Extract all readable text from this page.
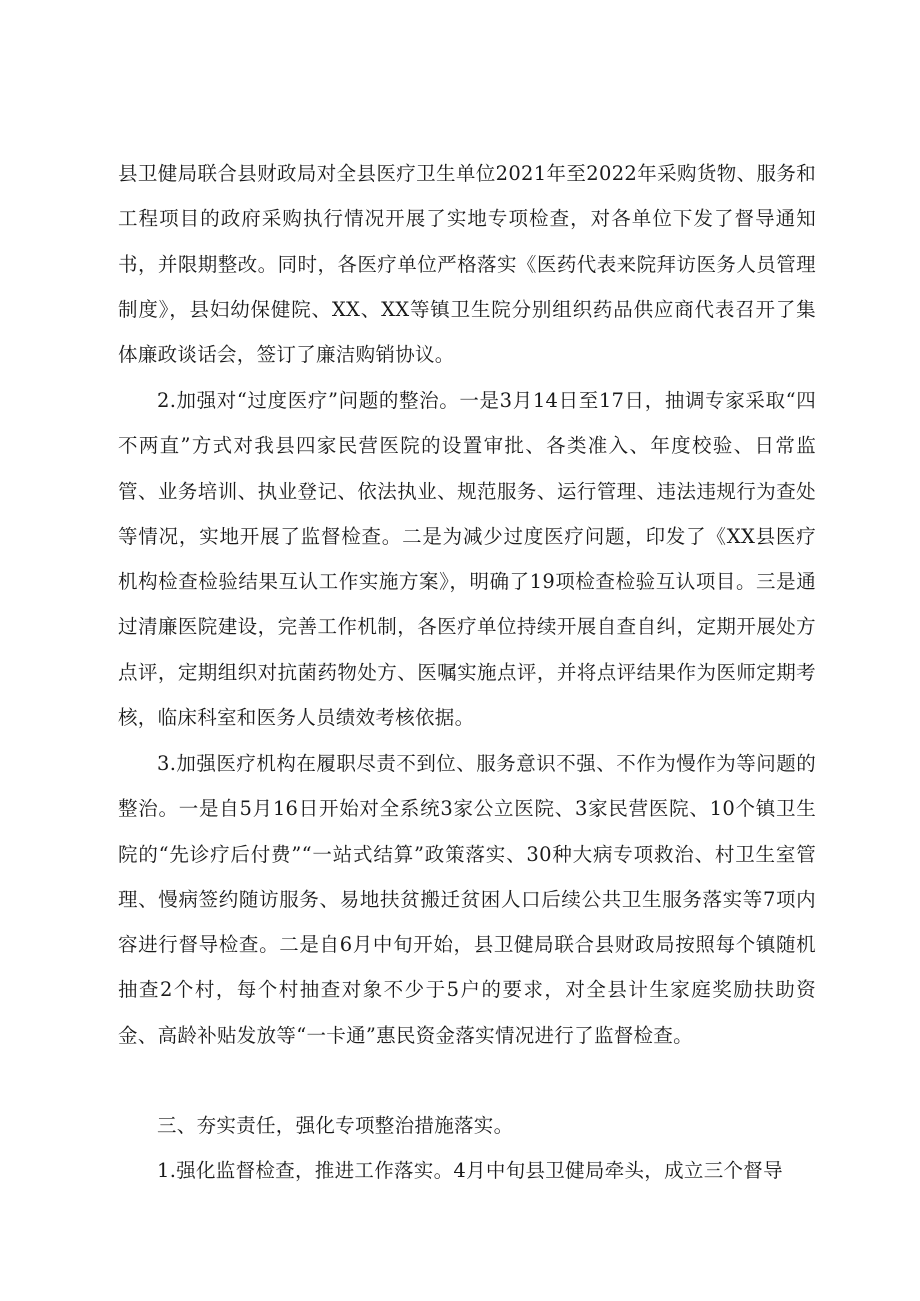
县卫健局联合县财政局对全县医疗卫生单位2021年至2022年采购货物、服务和工程项目的政府采购执行情况开展了实地专项检查，对各单位下发了督导通知书，并限期整改。同时，各医疗单位严格落实《医药代表来院拜访医务人员管理制度》，县妇幼保健院、XX、XX等镇卫生院分别组织药品供应商代表召开了集体廉政谈话会，签订了廉洁购销协议。

2.加强对“过度医疗”问题的整治。一是3月14日至17日，抽调专家采取“四不两直”方式对我县四家民营医院的设置审批、各类准入、年度校验、日常监管、业务培训、执业登记、依法执业、规范服务、运行管理、违法违规行为查处等情况，实地开展了监督检查。二是为减少过度医疗问题，印发了《XX县医疗机构检查检验结果互认工作实施方案》，明确了19项检查检验互认项目。三是通过清廉医院建设，完善工作机制，各医疗单位持续开展自查自纠，定期开展处方点评，定期组织对抗菌药物处方、医嘱实施点评，并将点评结果作为医师定期考核，临床科室和医务人员绩效考核依据。

3.加强医疗机构在履职尽责不到位、服务意识不强、不作为慢作为等问题的整治。一是自5月16日开始对全系统3家公立医院、3家民营医院、10个镇卫生院的“先诊疗后付费”“一站式结算”政策落实、30种大病专项救治、村卫生室管理、慢病签约随访服务、易地扶贫搬迁贫困人口后续公共卫生服务落实等7项内容进行督导检查。二是自6月中旬开始，县卫健局联合县财政局按照每个镇随机抽查2个村，每个村抽查对象不少于5户的要求，对全县计生家庭奖励扶助资金、高龄补贴发放等“一卡通”惠民资金落实情况进行了监督检查。

三、夯实责任，强化专项整治措施落实。

1.强化监督检查，推进工作落实。4月中旬县卫健局牵头，成立三个督导
